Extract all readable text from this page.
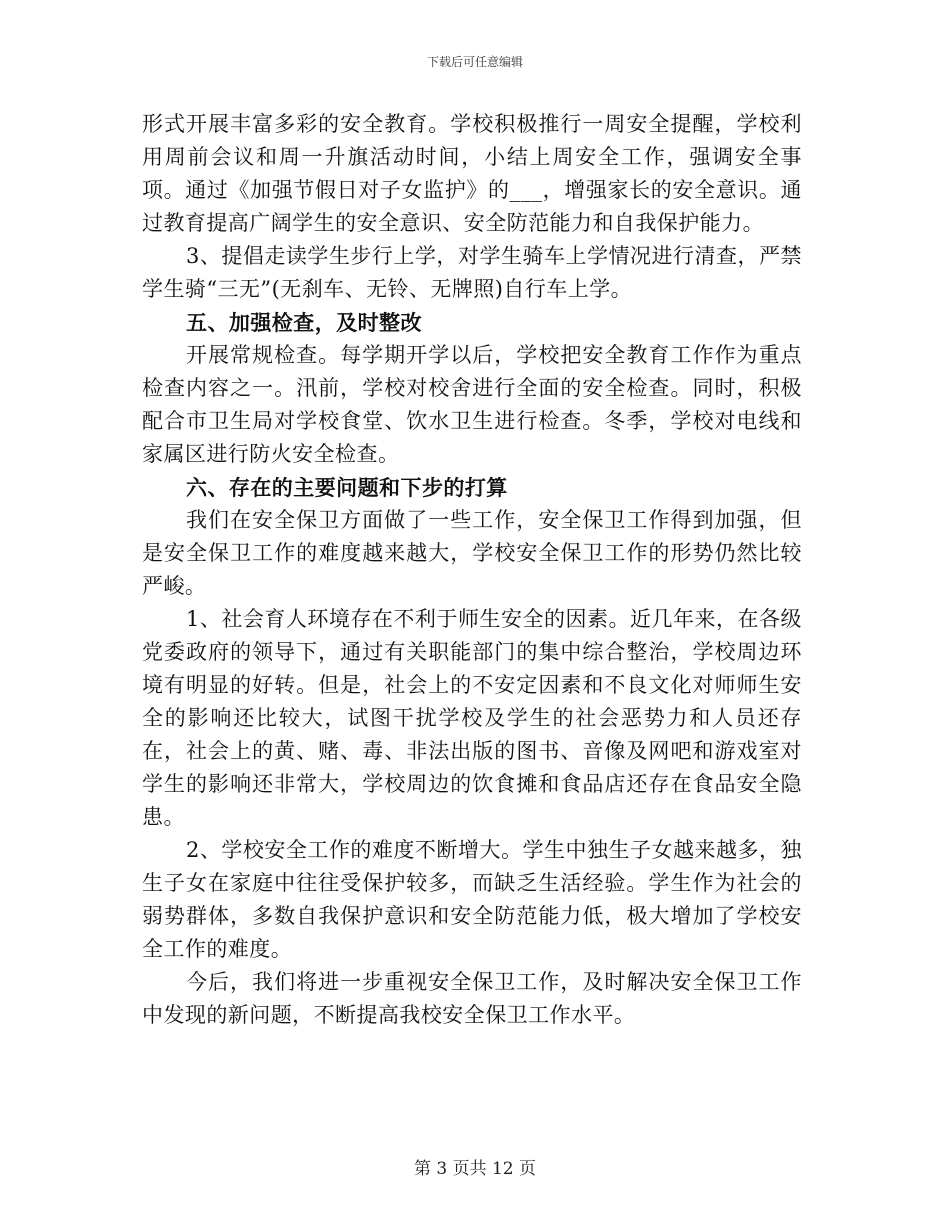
下载后可任意编辑

形式开展丰富多彩的安全教育。学校积极推行一周安全提醒，学校利用周前会议和周一升旗活动时间，小结上周安全工作，强调安全事项。通过《加强节假日对子女监护》的___，增强家长的安全意识。通过教育提高广阔学生的安全意识、安全防范能力和自我保护能力。

3、提倡走读学生步行上学，对学生骑车上学情况进行清查，严禁学生骑“三无”(无刹车、无铃、无牌照)自行车上学。

五、加强检查，及时整改

开展常规检查。每学期开学以后，学校把安全教育工作作为重点检查内容之一。汛前，学校对校舍进行全面的安全检查。同时，积极配合市卫生局对学校食堂、饮水卫生进行检查。冬季，学校对电线和家属区进行防火安全检查。

六、存在的主要问题和下步的打算

我们在安全保卫方面做了一些工作，安全保卫工作得到加强，但是安全保卫工作的难度越来越大，学校安全保卫工作的形势仍然比较严峻。

1、社会育人环境存在不利于师生安全的因素。近几年来，在各级党委政府的领导下，通过有关职能部门的集中综合整治，学校周边环境有明显的好转。但是，社会上的不安定因素和不良文化对师师生安全的影响还比较大，试图干扰学校及学生的社会恶势力和人员还存在，社会上的黄、赌、毒、非法出版的图书、音像及网吧和游戏室对学生的影响还非常大，学校周边的饮食摊和食品店还存在食品安全隐患。

2、学校安全工作的难度不断增大。学生中独生子女越来越多，独生子女在家庭中往往受保护较多，而缺乏生活经验。学生作为社会的弱势群体，多数自我保护意识和安全防范能力低，极大增加了学校安全工作的难度。

今后，我们将进一步重视安全保卫工作，及时解决安全保卫工作中发现的新问题，不断提高我校安全保卫工作水平。

第 3 页共 12 页
